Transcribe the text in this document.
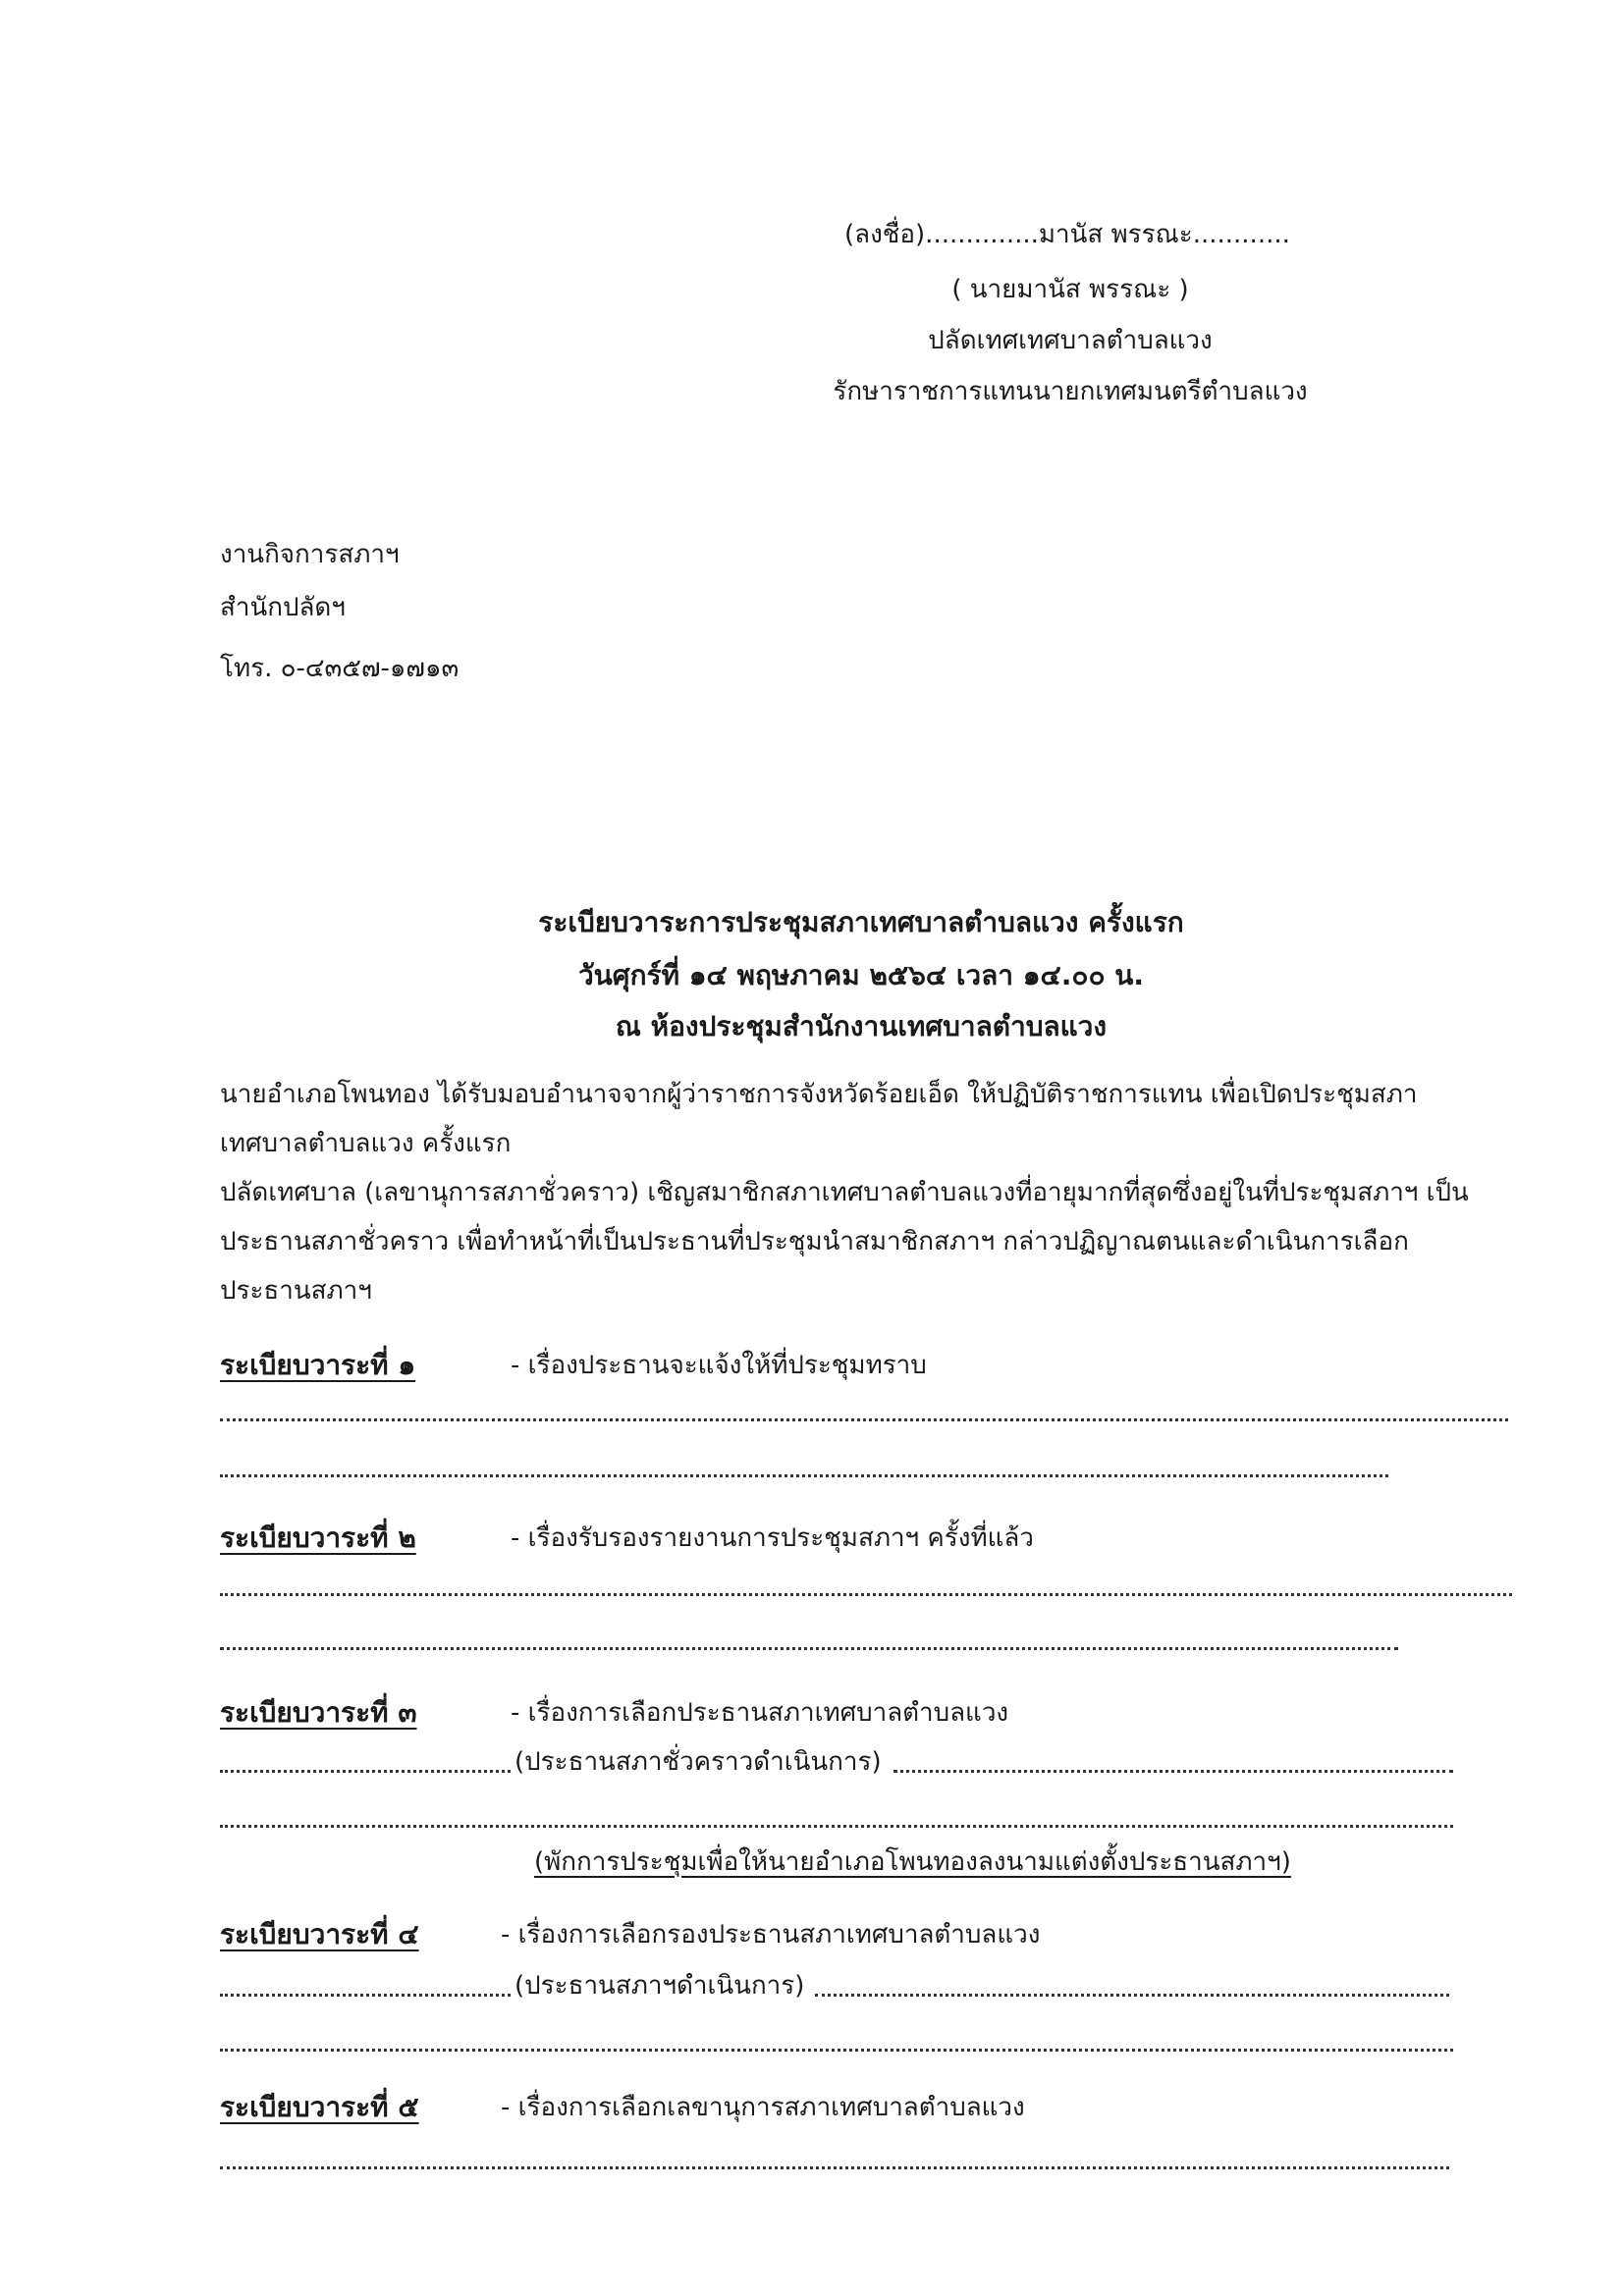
(ลงชื่อ)..............มานัส พรรณะ............
( นายมานัส พรรณะ )
ปลัดเทศเทศบาลตำบลแวง
รักษาราชการแทนนายกเทศมนตรีตำบลแวง
งานกิจการสภาฯ
สำนักปลัดฯ
โทร. ๐-๔๓๕๗-๑๗๑๓
ระเบียบวาระการประชุมสภาเทศบาลตำบลแวง ครั้งแรก
วันศุกร์ที่ ๑๔ พฤษภาคม ๒๕๖๔ เวลา ๑๔.๐๐ น.
ณ ห้องประชุมสำนักงานเทศบาลตำบลแวง
นายอำเภอโพนทอง ได้รับมอบอำนาจจากผู้ว่าราชการจังหวัดร้อยเอ็ด ให้ปฏิบัติราชการแทน เพื่อเปิดประชุมสภาเทศบาลตำบลแวง ครั้งแรก
ปลัดเทศบาล (เลขานุการสภาชั่วคราว) เชิญสมาชิกสภาเทศบาลตำบลแวงที่อายุมากที่สุดซึ่งอยู่ในที่ประชุมสภาฯ เป็นประธานสภาชั่วคราว เพื่อทำหน้าที่เป็นประธานที่ประชุมนำสมาชิกสภาฯ กล่าวปฏิญาณตนและดำเนินการเลือกประธานสภาฯ
ระเบียบวาระที่ ๑	- เรื่องประธานจะแจ้งให้ที่ประชุมทราบ
ระเบียบวาระที่ ๒	- เรื่องรับรองรายงานการประชุมสภาฯ ครั้งที่แล้ว
ระเบียบวาระที่ ๓	- เรื่องการเลือกประธานสภาเทศบาลตำบลแวง
(ประธานสภาชั่วคราวดำเนินการ)
(พักการประชุมเพื่อให้นายอำเภอโพนทองลงนามแต่งตั้งประธานสภาฯ)
ระเบียบวาระที่ ๔	- เรื่องการเลือกรองประธานสภาเทศบาลตำบลแวง
(ประธานสภาฯดำเนินการ)
ระเบียบวาระที่ ๕	- เรื่องการเลือกเลขานุการสภาเทศบาลตำบลแวง
